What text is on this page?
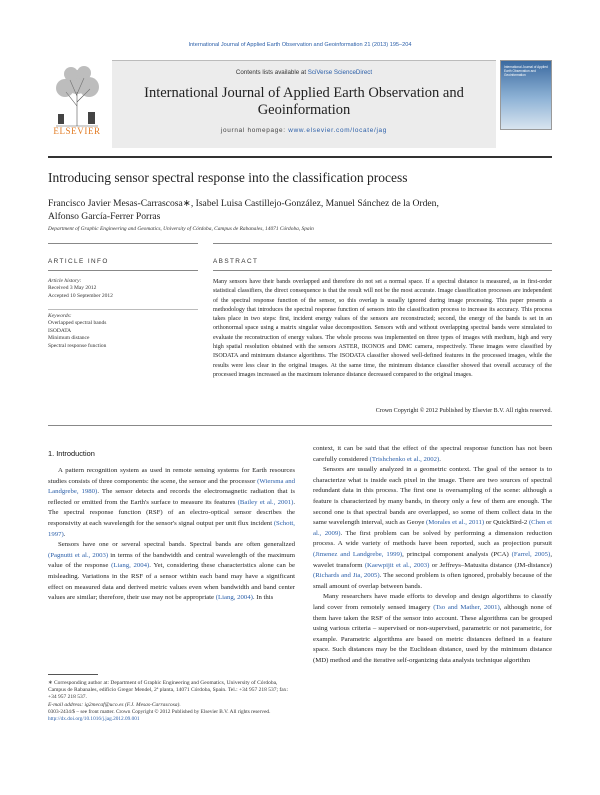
International Journal of Applied Earth Observation and Geoinformation 21 (2013) 195–204
ELSEVIER
Contents lists available at SciVerse ScienceDirect
International Journal of Applied Earth Observation and
Geoinformation
journal homepage: www.elsevier.com/locate/jag
International Journal of Applied Earth Observation and Geoinformation
Introducing sensor spectral response into the classification process
Francisco Javier Mesas-Carrascosa∗, Isabel Luisa Castillejo-González, Manuel Sánchez de la Orden,
Alfonso García-Ferrer Porras
Department of Graphic Engineering and Geomatics, University of Córdoba, Campus de Rabanales, 14071 Córdoba, Spain
ARTICLE INFO
Article history:
Received 3 May 2012
Accepted 10 September 2012
Keywords:
Overlapped spectral bands
ISODATA
Minimum distance
Spectral response function
ABSTRACT
Many sensors have their bands overlapped and therefore do not set a normal space. If a spectral distance is measured, as in first-order statistical classifiers, the direct consequence is that the result will not be the most accurate. Image classification processes are independent of the spectral response function of the sensor, so this overlap is usually ignored during image processing. This paper presents a methodology that introduces the spectral response function of sensors into the classification process to increase its accuracy. This process takes place in two steps: first, incident energy values of the sensors are reconstructed; second, the energy of the bands is set in an orthonormal space using a matrix singular value decomposition. Sensors with and without overlapping spectral bands were simulated to evaluate the reconstruction of energy values. The whole process was implemented on three types of images with medium, high and very high spatial resolution obtained with the sensors ASTER, IKONOS and DMC camera, respectively. These images were classified by ISODATA and minimum distance algorithms. The ISODATA classifier showed well-defined features in the processed images, while the results were less clear in the original images. At the same time, the minimum distance classifier showed that overall accuracy of the processed images increased as the maximum tolerance distance decreased compared to the original images.
Crown Copyright © 2012 Published by Elsevier B.V. All rights reserved.
1. Introduction

A pattern recognition system as used in remote sensing systems for Earth resources studies consists of three components: the scene, the sensor and the processor (Wiersma and Landgrebe, 1980). The sensor detects and records the electromagnetic radiation that is reflected or emitted from the Earth's surface to measure its features (Bailey et al., 2001). The spectral response function (RSF) of an electro-optical sensor describes the responsivity at each wavelength for the sensor's signal output per unit flux incident (Schott, 1997).

Sensors have one or several spectral bands. Spectral bands are often generalized (Pagnutti et al., 2003) in terms of the bandwidth and central wavelength of the maximum value of the response (Liang, 2004). Yet, considering these characteristics alone can be misleading. Variations in the RSF of a sensor within each band may have a significant effect on measured data and derived metric values even when bandwidth and band center values are similar; therefore, their use may not be appropriate (Liang, 2004). In this

context, it can be said that the effect of the spectral response function has not been carefully considered (Trishchenko et al., 2002).

Sensors are usually analyzed in a geometric context. The goal of the sensor is to characterize what is inside each pixel in the image. There are two sources of spectral redundant data in this process. The first one is oversampling of the scene: although a feature is characterized by many bands, in theory only a few of them are enough. The second one is that spectral bands are overlapped, so some of them collect data in the same wavelength interval, such as Geoye (Morales et al., 2011) or QuickBird-2 (Chen et al., 2009). The first problem can be solved by performing a dimension reduction process. A wide variety of methods have been reported, such as projection pursuit (Jimenez and Landgrebe, 1999), principal component analysis (PCA) (Farrel, 2005), wavelet transform (Kaewpijit et al., 2003) or Jeffreys–Matusita distance (JM-distance) (Richards and Jia, 2005). The second problem is often ignored, probably because of the small amount of overlap between bands.

Many researchers have made efforts to develop and design algorithms to classify land cover from remotely sensed imagery (Tso and Mather, 2001), although none of them have taken the RSF of the sensor into account. These algorithms can be grouped using various criteria – supervised or non-supervised, parametric or not parametric, for example. Parametric algorithms are based on metric distances defined in a feature space. Such distances may be the Euclidean distance, used by the minimum distance (MD) method and the iterative self-organizing data analysis technique algorithm

∗ Corresponding author at: Department of Graphic Engineering and Geomatics, University of Córdoba, Campus de Rabanales, edificio Gregor Mendel, 2ª planta, 14071 Córdoba, Spain. Tel.: +34 957 218 537; fax: +34 957 218 537.
E-mail address: ig2mecaf@uco.es (F.J. Mesas-Carrascosa).
0303-2434/$ – see front matter. Crown Copyright © 2012 Published by Elsevier B.V. All rights reserved.
http://dx.doi.org/10.1016/j.jag.2012.09.001
